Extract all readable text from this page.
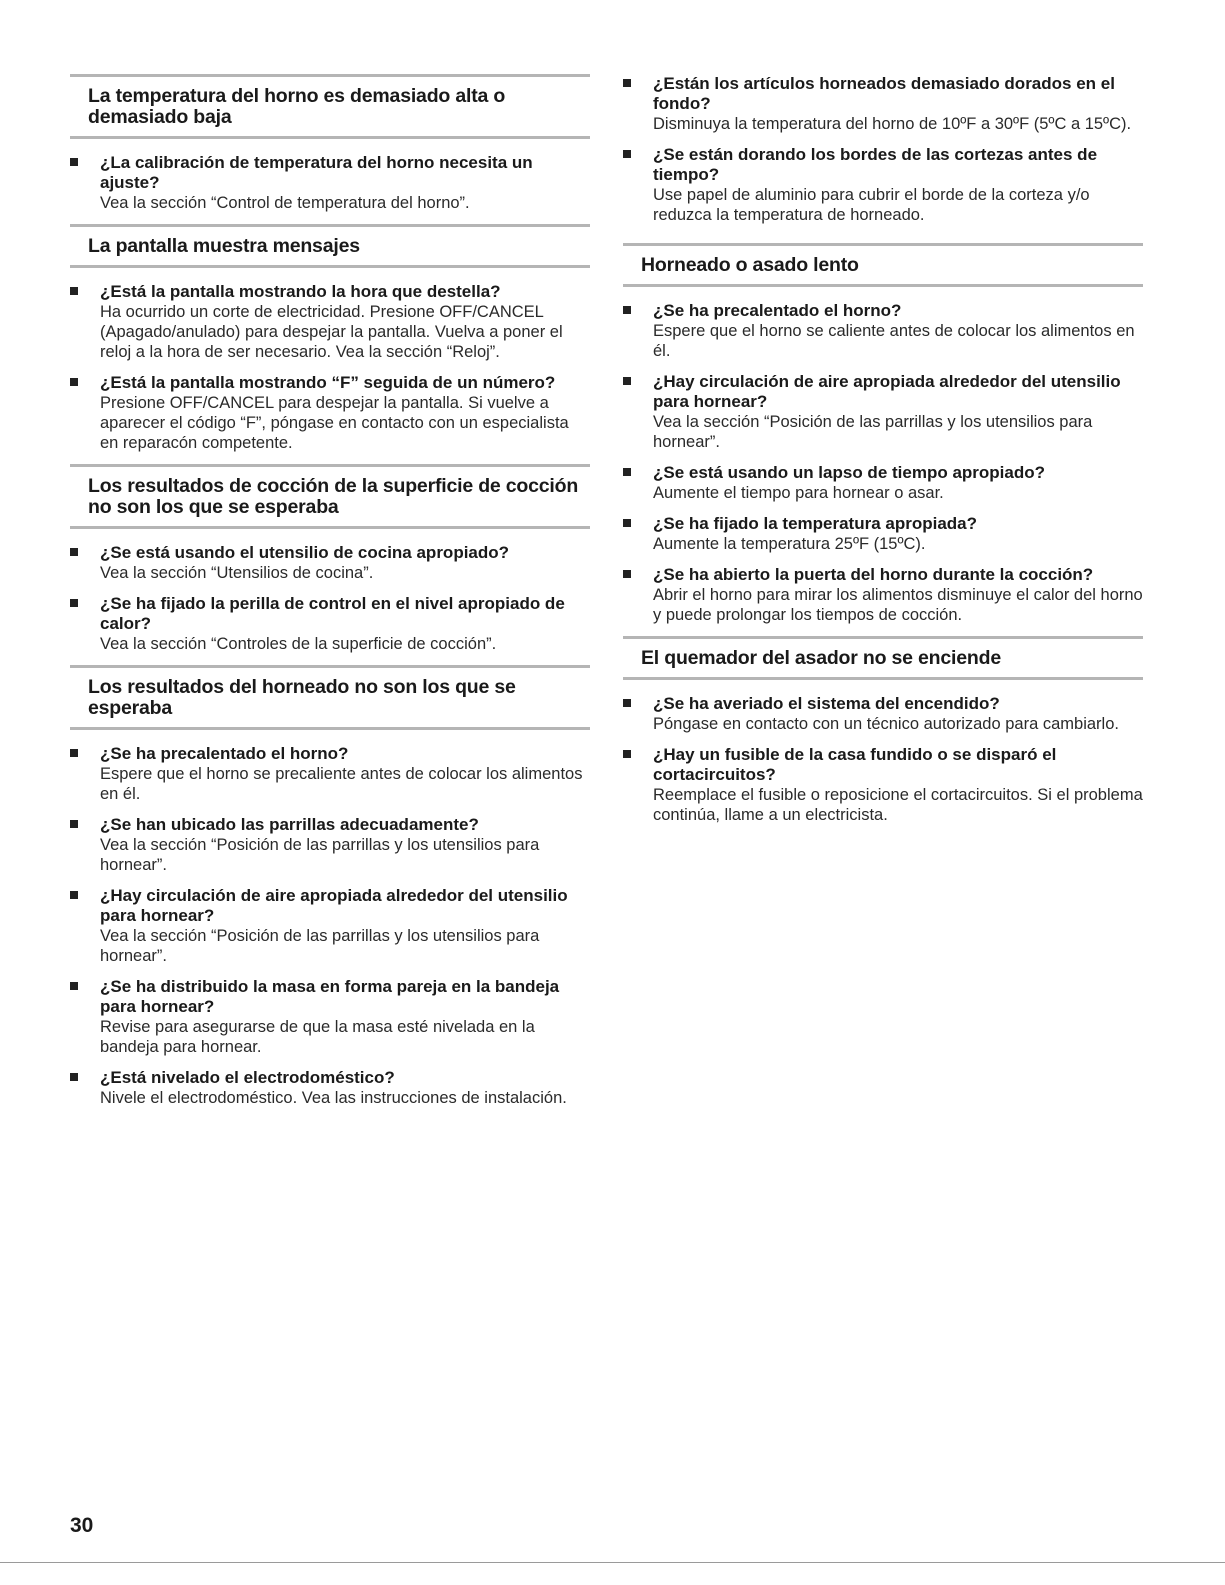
La temperatura del horno es demasiado alta o demasiado baja
¿La calibración de temperatura del horno necesita un ajuste?
Vea la sección “Control de temperatura del horno”.
La pantalla muestra mensajes
¿Está la pantalla mostrando la hora que destella?
Ha ocurrido un corte de electricidad. Presione OFF/CANCEL (Apagado/anulado) para despejar la pantalla. Vuelva a poner el reloj a la hora de ser necesario. Vea la sección “Reloj”.
¿Está la pantalla mostrando “F” seguida de un número?
Presione OFF/CANCEL para despejar la pantalla. Si vuelve a aparecer el código “F”, póngase en contacto con un especialista en reparacón competente.
Los resultados de cocción de la superficie de cocción no son los que se esperaba
¿Se está usando el utensilio de cocina apropiado?
Vea la sección “Utensilios de cocina”.
¿Se ha fijado la perilla de control en el nivel apropiado de calor?
Vea la sección “Controles de la superficie de cocción”.
Los resultados del horneado no son los que se esperaba
¿Se ha precalentado el horno?
Espere que el horno se precaliente antes de colocar los alimentos en él.
¿Se han ubicado las parrillas adecuadamente?
Vea la sección “Posición de las parrillas y los utensilios para hornear”.
¿Hay circulación de aire apropiada alrededor del utensilio para hornear?
Vea la sección “Posición de las parrillas y los utensilios para hornear”.
¿Se ha distribuido la masa en forma pareja en la bandeja para hornear?
Revise para asegurarse de que la masa esté nivelada en la bandeja para hornear.
¿Está nivelado el electrodoméstico?
Nivele el electrodoméstico. Vea las instrucciones de instalación.
¿Están los artículos horneados demasiado dorados en el fondo?
Disminuya la temperatura del horno de 10ºF a 30ºF (5ºC a 15ºC).
¿Se están dorando los bordes de las cortezas antes de tiempo?
Use papel de aluminio para cubrir el borde de la corteza y/o reduzca la temperatura de horneado.
Horneado o asado lento
¿Se ha precalentado el horno?
Espere que el horno se caliente antes de colocar los alimentos en él.
¿Hay circulación de aire apropiada alrededor del utensilio para hornear?
Vea la sección “Posición de las parrillas y los utensilios para hornear”.
¿Se está usando un lapso de tiempo apropiado?
Aumente el tiempo para hornear o asar.
¿Se ha fijado la temperatura apropiada?
Aumente la temperatura 25ºF (15ºC).
¿Se ha abierto la puerta del horno durante la cocción?
Abrir el horno para mirar los alimentos disminuye el calor del horno y puede prolongar los tiempos de cocción.
El quemador del asador no se enciende
¿Se ha averiado el sistema del encendido?
Póngase en contacto con un técnico autorizado para cambiarlo.
¿Hay un fusible de la casa fundido o se disparó el cortacircuitos?
Reemplace el fusible o reposicione el cortacircuitos. Si el problema continúa, llame a un electricista.
30
